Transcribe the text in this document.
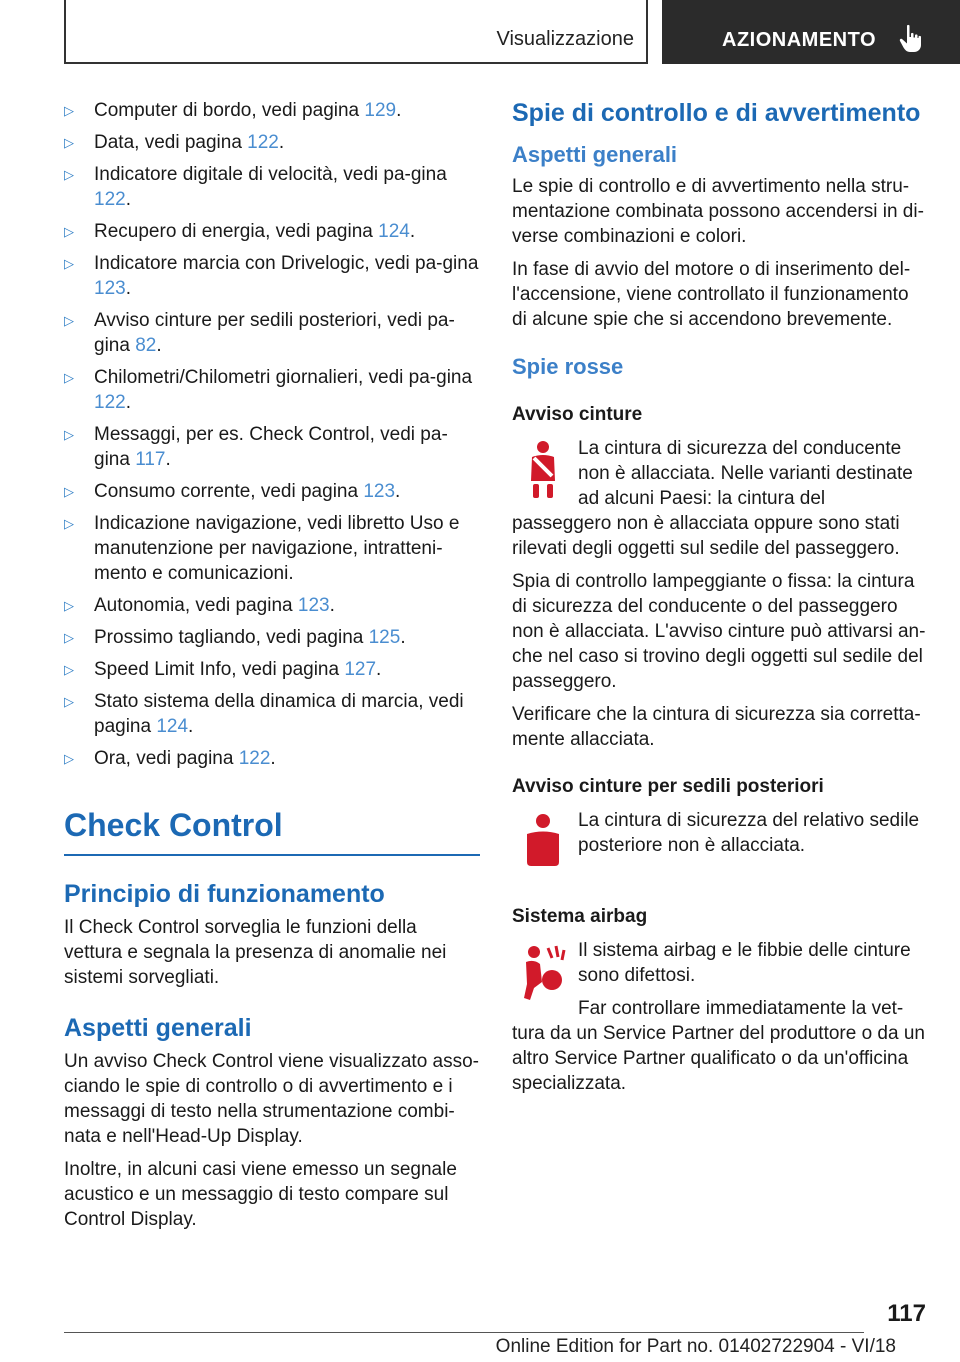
Visualizzazione	AZIONAMENTO
▷ Computer di bordo, vedi pagina 129.
▷ Data, vedi pagina 122.
▷ Indicatore digitale di velocità, vedi pa-gina 122.
▷ Recupero di energia, vedi pagina 124.
▷ Indicatore marcia con Drivelogic, vedi pa-gina 123.
▷ Avviso cinture per sedili posteriori, vedi pa-gina 82.
▷ Chilometri/Chilometri giornalieri, vedi pa-gina 122.
▷ Messaggi, per es. Check Control, vedi pa-gina 117.
▷ Consumo corrente, vedi pagina 123.
▷ Indicazione navigazione, vedi libretto Uso e manutenzione per navigazione, intratteni-mento e comunicazioni.
▷ Autonomia, vedi pagina 123.
▷ Prossimo tagliando, vedi pagina 125.
▷ Speed Limit Info, vedi pagina 127.
▷ Stato sistema della dinamica di marcia, vedi pagina 124.
▷ Ora, vedi pagina 122.
Check Control
Principio di funzionamento

Il Check Control sorveglia le funzioni della vettura e segnala la presenza di anomalie nei sistemi sorvegliati.

Aspetti generali

Un avviso Check Control viene visualizzato asso-ciando le spie di controllo o di avvertimento e i messaggi di testo nella strumentazione combi-nata e nell'Head-Up Display.

Inoltre, in alcuni casi viene emesso un segnale acustico e un messaggio di testo compare sul Control Display.

Spie di controllo e di avvertimento
Aspetti generali

Le spie di controllo e di avvertimento nella stru-mentazione combinata possono accendersi in di-verse combinazioni e colori.

In fase di avvio del motore o di inserimento del-l'accensione, viene controllato il funzionamento di alcune spie che si accendono brevemente.

Spie rosse
Avviso cinture

La cintura di sicurezza del conducente non è allacciata. Nelle varianti destinate ad alcuni Paesi: la cintura del passeggero non è allacciata oppure sono stati rilevati degli oggetti sul sedile del passeggero.

Spia di controllo lampeggiante o fissa: la cintura di sicurezza del conducente o del passeggero non è allacciata. L'avviso cinture può attivarsi an-che nel caso si trovino degli oggetti sul sedile del passeggero.

Verificare che la cintura di sicurezza sia corretta-mente allacciata.

Avviso cinture per sedili posteriori

La cintura di sicurezza del relativo sedile posteriore non è allacciata.

Sistema airbag

Il sistema airbag e le fibbie delle cinture sono difettosi.

Far controllare immediatamente la vet-tura da un Service Partner del produttore o da un altro Service Partner qualificato o da un'officina specializzata.

117
Online Edition for Part no. 01402722904 - VI/18
